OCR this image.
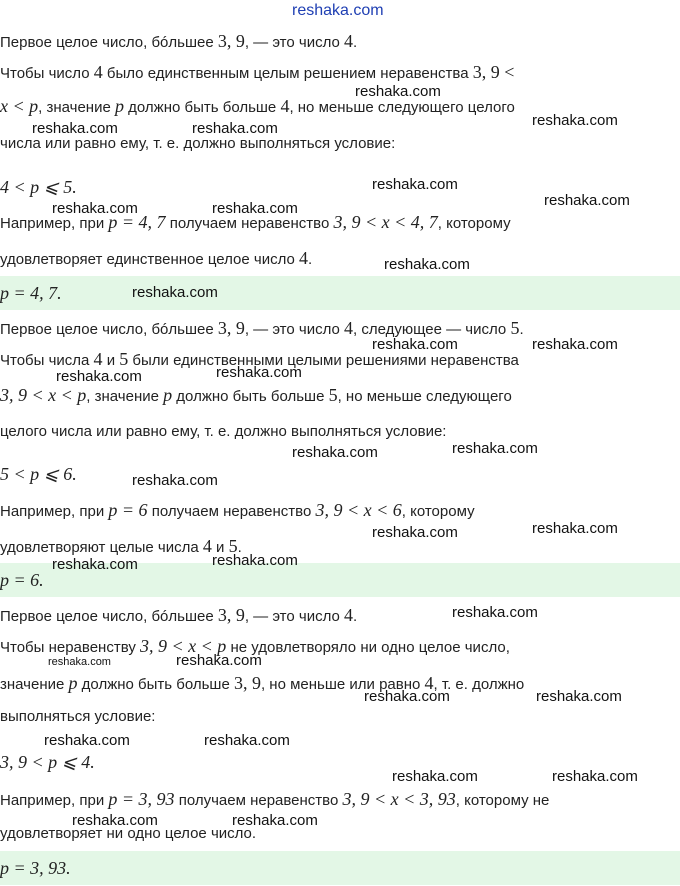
reshaka.com
Первое целое число, бóльшее 3, 9, — это число 4.
Чтобы число 4 было единственным целым решением неравенства 3, 9 <
x < p, значение p должно быть больше 4, но меньше следующего целого
числа или равно ему, т. е. должно выполняться условие:
4 < p ⩽ 5.
Например, при p = 4, 7 получаем неравенство 3, 9 < x < 4, 7, которому
удовлетворяет единственное целое число 4.
p = 4, 7.
Первое целое число, бóльшее 3, 9, — это число 4, следующее — число 5.
Чтобы числа 4 и 5 были единственными целыми решениями неравенства
3, 9 < x < p, значение p должно быть больше 5, но меньше следующего
целого числа или равно ему, т. е. должно выполняться условие:
5 < p ⩽ 6.
Например, при p = 6 получаем неравенство 3, 9 < x < 6, которому
удовлетворяют целые числа 4 и 5.
p = 6.
Первое целое число, бóльшее 3, 9, — это число 4.
Чтобы неравенству 3, 9 < x < p не удовлетворяло ни одно целое число,
значение p должно быть больше 3, 9, но меньше или равно 4, т. е. должно
выполняться условие:
3, 9 < p ⩽ 4.
Например, при p = 3, 93 получаем неравенство 3, 9 < x < 3, 93, которому не
удовлетворяет ни одно целое число.
p = 3, 93.
reshaka.com
reshaka.com
reshaka.com	reshaka.com
reshaka.com
reshaka.com
reshaka.com	reshaka.com
reshaka.com
reshaka.com
reshaka.com	reshaka.com
reshaka.com	reshaka.com
reshaka.com	reshaka.com
reshaka.com
reshaka.com	reshaka.com
reshaka.com	reshaka.com
reshaka.com
reshaka.com	reshaka.com
reshaka.com	reshaka.com
reshaka.com	reshaka.com
reshaka.com	reshaka.com
reshaka.com	reshaka.com
